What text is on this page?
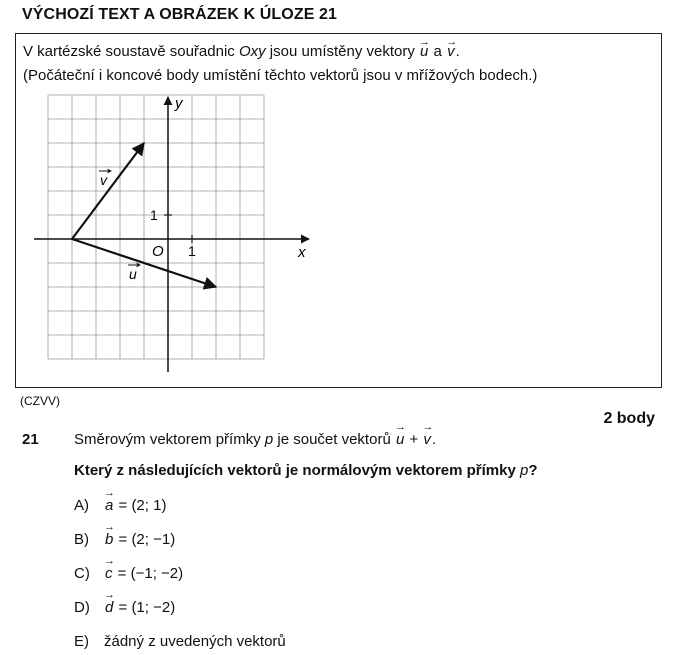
VÝCHOZÍ TEXT A OBRÁZEK K ÚLOZE 21
V kartézské soustavě souřadnic Oxy jsou umístěny vektory → u a → v.
(Počáteční i koncové body umístění těchto vektorů jsou v mřížových bodech.)
x
y
O 1
1
u
v
(CZVV)
2 body
21 Směrovým vektorem přímky p je součet vektorů → u + → v.
Který z následujících vektorů je normálovým vektorem přímky p?
A) → a = (2; 1)
B) → b = (2; −1)
C) → c = (−1; −2)
D) → d = (1; −2)
E) žádný z uvedených vektorů
